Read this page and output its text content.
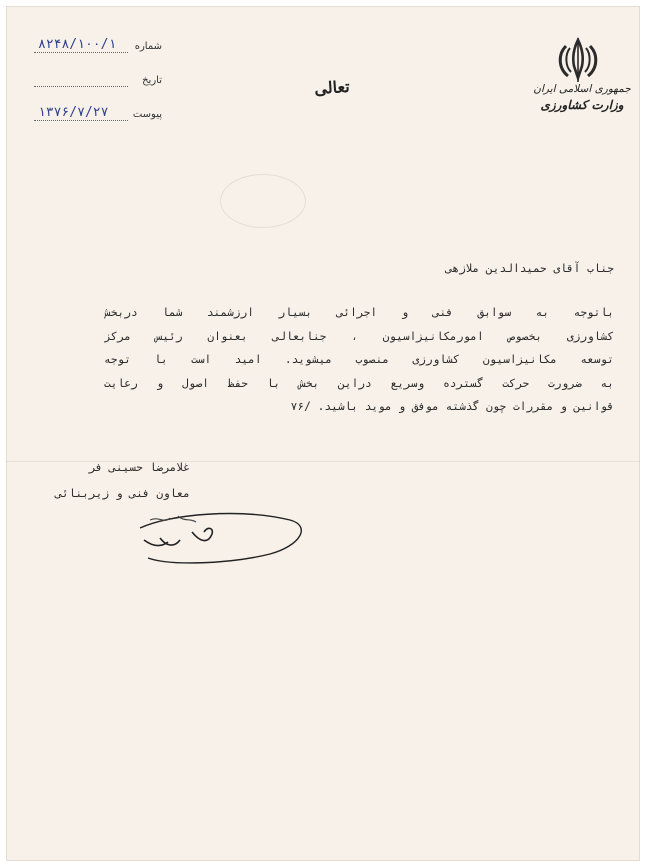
جمهوری اسلامی ایران
وزارت کشاورزی
تعالی
۸۲۴۸/۱۰۰/۱ شماره
تاریخ
۱۳۷۶/۷/۲۷ پیوست
جناب آقای حمیدالدین ملازهی
باتوجه به سوابق فنی و اجرائی بسیار ارزشمند شما دربخش
کشاورزی بخصوص امورمکانیزاسیون ، جنابعالی بعنوان رئیس مرکز
توسعه مکانیزاسیون کشاورزی منصوب میشوید. امید است با توجه
به ضرورت حرکت گسترده وسریع دراین بخش با حفظ اصول و رعایت
قوانین و مقررات چون گذشته موفق و موید باشید. /۷۶
غلامرضا حسینی فر
معاون فنی و زیربنائی
